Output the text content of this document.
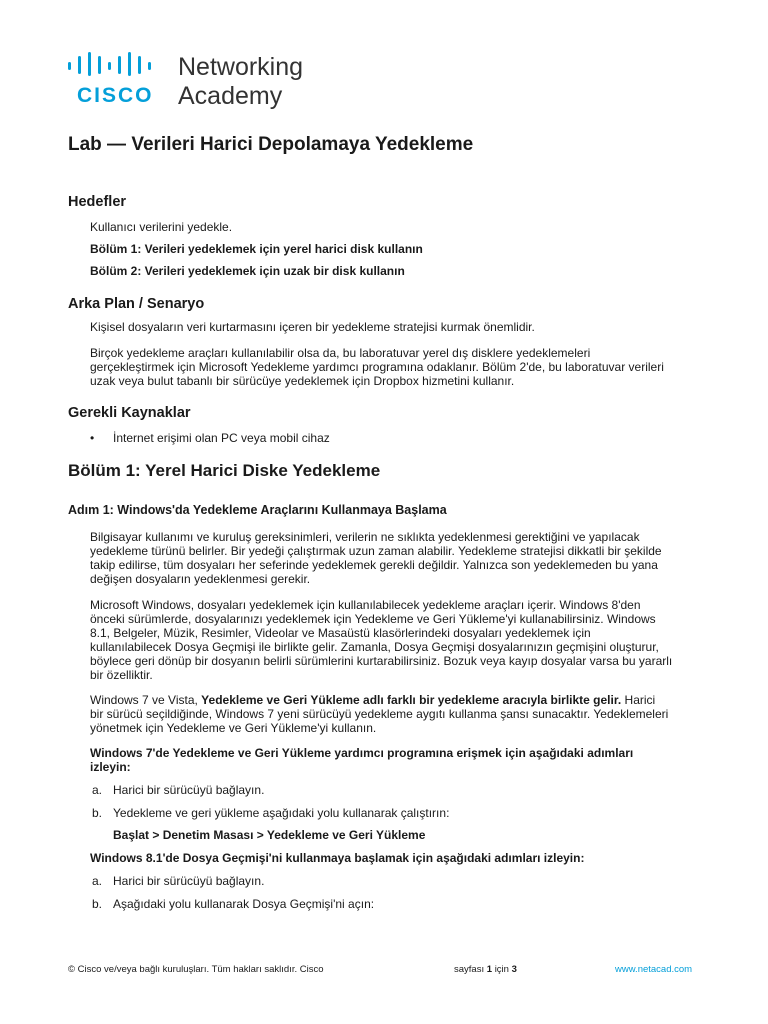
CISCO
Networking
Academy
Lab — Verileri Harici Depolamaya Yedekleme
Hedefler

Kullanıcı verilerini yedekle.

Bölüm 1: Verileri yedeklemek için yerel harici disk kullanın

Bölüm 2: Verileri yedeklemek için uzak bir disk kullanın

Arka Plan / Senaryo

Kişisel dosyaların veri kurtarmasını içeren bir yedekleme stratejisi kurmak önemlidir.

Birçok yedekleme araçları kullanılabilir olsa da, bu laboratuvar yerel dış disklere yedeklemeleri

gerçekleştirmek için Microsoft Yedekleme yardımcı programına odaklanır. Bölüm 2'de, bu laboratuvar verileri

uzak veya bulut tabanlı bir sürücüye yedeklemek için Dropbox hizmetini kullanır.

Gerekli Kaynaklar
• İnternet erişimi olan PC veya mobil cihaz

Bölüm 1: Yerel Harici Diske Yedekleme
Adım 1: Windows'da Yedekleme Araçlarını Kullanmaya Başlama

Bilgisayar kullanımı ve kuruluş gereksinimleri, verilerin ne sıklıkta yedeklenmesi gerektiğini ve yapılacak

yedekleme türünü belirler. Bir yedeği çalıştırmak uzun zaman alabilir. Yedekleme stratejisi dikkatli bir şekilde

takip edilirse, tüm dosyaları her seferinde yedeklemek gerekli değildir. Yalnızca son yedeklemeden bu yana

değişen dosyaların yedeklenmesi gerekir.

Microsoft Windows, dosyaları yedeklemek için kullanılabilecek yedekleme araçları içerir. Windows 8'den

önceki sürümlerde, dosyalarınızı yedeklemek için Yedekleme ve Geri Yükleme'yi kullanabilirsiniz. Windows

8.1, Belgeler, Müzik, Resimler, Videolar ve Masaüstü klasörlerindeki dosyaları yedeklemek için

kullanılabilecek Dosya Geçmişi ile birlikte gelir. Zamanla, Dosya Geçmişi dosyalarınızın geçmişini oluşturur,

böylece geri dönüp bir dosyanın belirli sürümlerini kurtarabilirsiniz. Bozuk veya kayıp dosyalar varsa bu yararlı

bir özelliktir.

Windows 7 ve Vista, Yedekleme ve Geri Yükleme adlı farklı bir yedekleme aracıyla birlikte gelir. Harici

bir sürücü seçildiğinde, Windows 7 yeni sürücüyü yedekleme aygıtı kullanma şansı sunacaktır. Yedeklemeleri

yönetmek için Yedekleme ve Geri Yükleme'yi kullanın.

Windows 7'de Yedekleme ve Geri Yükleme yardımcı programına erişmek için aşağıdaki adımları

izleyin:

a. Harici bir sürücüyü bağlayın.

b. Yedekleme ve geri yükleme aşağıdaki yolu kullanarak çalıştırın:

Başlat > Denetim Masası > Yedekleme ve Geri Yükleme

Windows 8.1'de Dosya Geçmişi'ni kullanmaya başlamak için aşağıdaki adımları izleyin:

a. Harici bir sürücüyü bağlayın.

b. Aşağıdaki yolu kullanarak Dosya Geçmişi'ni açın:

© Cisco ve/veya bağlı kuruluşları. Tüm hakları saklıdır. Cisco	sayfası 1 için 3	www.netacad.com
